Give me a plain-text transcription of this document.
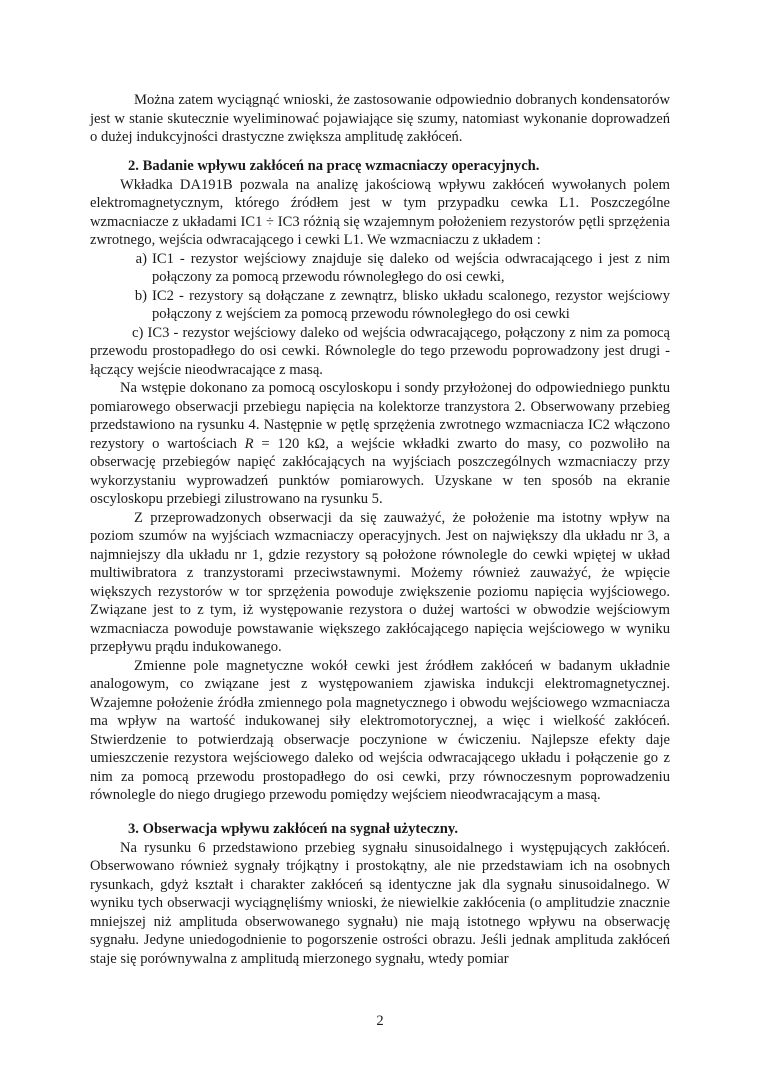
Można zatem wyciągnąć wnioski, że zastosowanie odpowiednio dobranych kondensatorów jest w stanie skutecznie wyeliminować pojawiające się szumy, natomiast wykonanie doprowadzeń o dużej indukcyjności drastyczne zwiększa amplitudę zakłóceń.

2. Badanie wpływu zakłóceń na pracę wzmacniaczy operacyjnych.

Wkładka DA191B pozwala na analizę jakościową wpływu zakłóceń wywołanych polem elektromagnetycznym, którego źródłem jest w tym przypadku cewka L1. Poszczególne wzmacniacze z układami IC1 ÷ IC3 różnią się wzajemnym położeniem rezystorów pętli sprzężenia zwrotnego, wejścia odwracającego i cewki L1. We wzmacniaczu z układem :

a) IC1 - rezystor wejściowy znajduje się daleko od wejścia odwracającego i jest z nim połączony za pomocą przewodu równoległego do osi cewki,
b) IC2 - rezystory są dołączane z zewnątrz, blisko układu scalonego, rezystor wejściowy połączony z wejściem za pomocą przewodu równoległego do osi cewki

c) IC3 - rezystor wejściowy daleko od wejścia odwracającego, połączony z nim za pomocą przewodu prostopadłego do osi cewki. Równolegle do tego przewodu poprowadzony jest drugi - łączący wejście nieodwracające z masą.

Na wstępie dokonano za pomocą oscyloskopu i sondy przyłożonej do odpowiedniego punktu pomiarowego obserwacji przebiegu napięcia na kolektorze tranzystora 2. Obserwowany przebieg przedstawiono na rysunku 4. Następnie w pętlę sprzężenia zwrotnego wzmacniacza IC2 włączono rezystory o wartościach R = 120 kΩ, a wejście wkładki zwarto do masy, co pozwoliło na obserwację przebiegów napięć zakłócających na wyjściach poszczególnych wzmacniaczy przy wykorzystaniu wyprowadzeń punktów pomiarowych. Uzyskane w ten sposób na ekranie oscyloskopu przebiegi zilustrowano na rysunku 5.

Z przeprowadzonych obserwacji da się zauważyć, że położenie ma istotny wpływ na poziom szumów na wyjściach wzmacniaczy operacyjnych. Jest on największy dla układu nr 3, a najmniejszy dla układu nr 1, gdzie rezystory są położone równolegle do cewki wpiętej w układ multiwibratora z tranzystorami przeciwstawnymi. Możemy również zauważyć, że wpięcie większych rezystorów w tor sprzężenia powoduje zwiększenie poziomu napięcia wyjściowego. Związane jest to z tym, iż występowanie rezystora o dużej wartości w obwodzie wejściowym wzmacniacza powoduje powstawanie większego zakłócającego napięcia wejściowego w wyniku przepływu prądu indukowanego.

Zmienne pole magnetyczne wokół cewki jest źródłem zakłóceń w badanym układnie analogowym, co związane jest z występowaniem zjawiska indukcji elektromagnetycznej. Wzajemne położenie źródła zmiennego pola magnetycznego i obwodu wejściowego wzmacniacza ma wpływ na wartość indukowanej siły elektromotorycznej, a więc i wielkość zakłóceń. Stwierdzenie to potwierdzają obserwacje poczynione w ćwiczeniu. Najlepsze efekty daje umieszczenie rezystora wejściowego daleko od wejścia odwracającego układu i połączenie go z nim za pomocą przewodu prostopadłego do osi cewki, przy równoczesnym poprowadzeniu równolegle do niego drugiego przewodu pomiędzy wejściem nieodwracającym a masą.

3. Obserwacja wpływu zakłóceń na sygnał użyteczny.

Na rysunku 6 przedstawiono przebieg sygnału sinusoidalnego i występujących zakłóceń. Obserwowano również sygnały trójkątny i prostokątny, ale nie przedstawiam ich na osobnych rysunkach, gdyż kształt i charakter zakłóceń są identyczne jak dla sygnału sinusoidalnego. W wyniku tych obserwacji wyciągnęliśmy wnioski, że niewielkie zakłócenia (o amplitudzie znacznie mniejszej niż amplituda obserwowanego sygnału) nie mają istotnego wpływu na obserwację sygnału. Jedyne uniedogodnienie to pogorszenie ostrości obrazu. Jeśli jednak amplituda zakłóceń staje się porównywalna z amplitudą mierzonego sygnału, wtedy pomiar

2
